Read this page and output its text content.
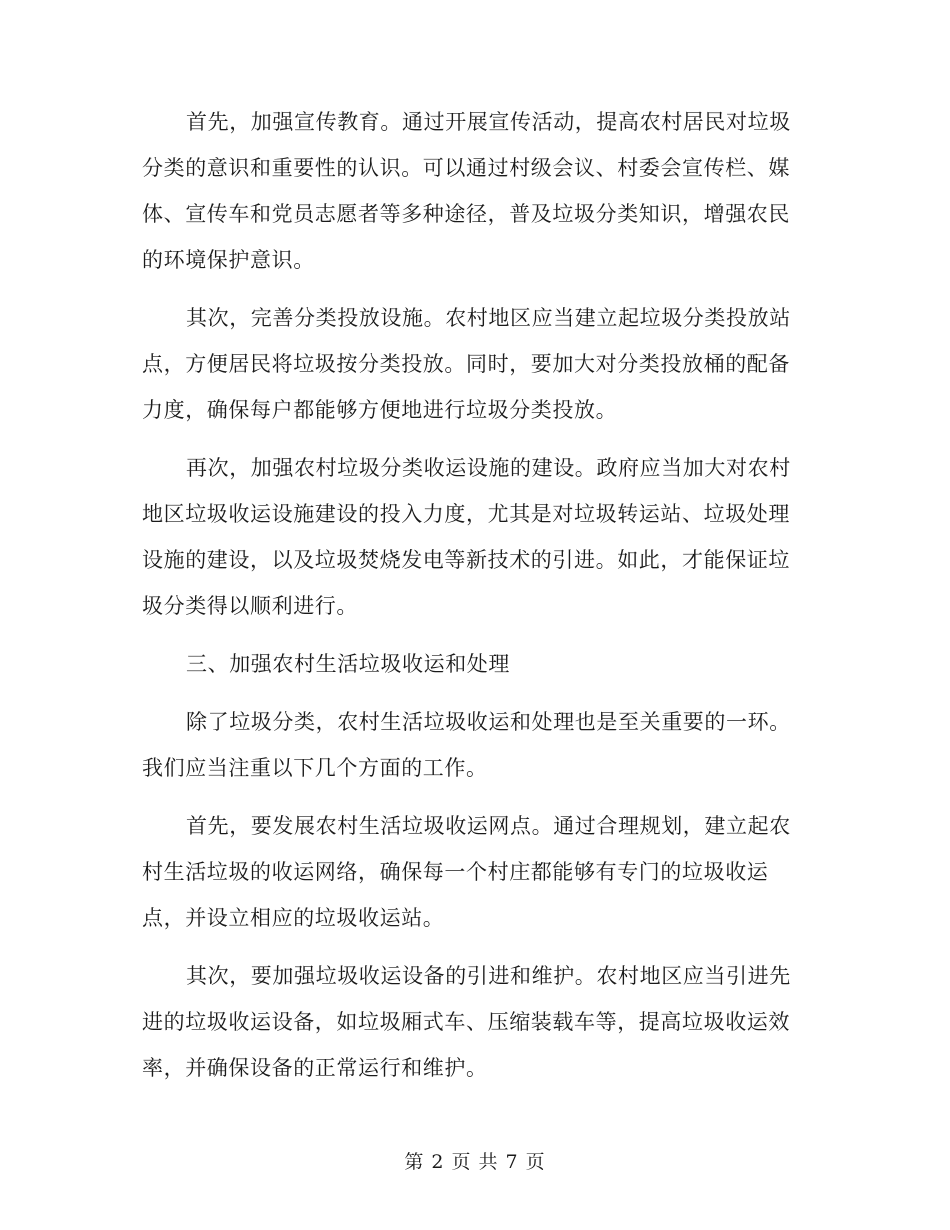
首先，加强宣传教育。通过开展宣传活动，提高农村居民对垃圾
分类的意识和重要性的认识。可以通过村级会议、村委会宣传栏、媒
体、宣传车和党员志愿者等多种途径，普及垃圾分类知识，增强农民
的环境保护意识。

其次，完善分类投放设施。农村地区应当建立起垃圾分类投放站
点，方便居民将垃圾按分类投放。同时，要加大对分类投放桶的配备
力度，确保每户都能够方便地进行垃圾分类投放。

再次，加强农村垃圾分类收运设施的建设。政府应当加大对农村
地区垃圾收运设施建设的投入力度，尤其是对垃圾转运站、垃圾处理
设施的建设，以及垃圾焚烧发电等新技术的引进。如此，才能保证垃
圾分类得以顺利进行。

三、加强农村生活垃圾收运和处理

除了垃圾分类，农村生活垃圾收运和处理也是至关重要的一环。
我们应当注重以下几个方面的工作。

首先，要发展农村生活垃圾收运网点。通过合理规划，建立起农
村生活垃圾的收运网络，确保每一个村庄都能够有专门的垃圾收运
点，并设立相应的垃圾收运站。

其次，要加强垃圾收运设备的引进和维护。农村地区应当引进先
进的垃圾收运设备，如垃圾厢式车、压缩装载车等，提高垃圾收运效
率，并确保设备的正常运行和维护。

第 2 页 共 7 页
